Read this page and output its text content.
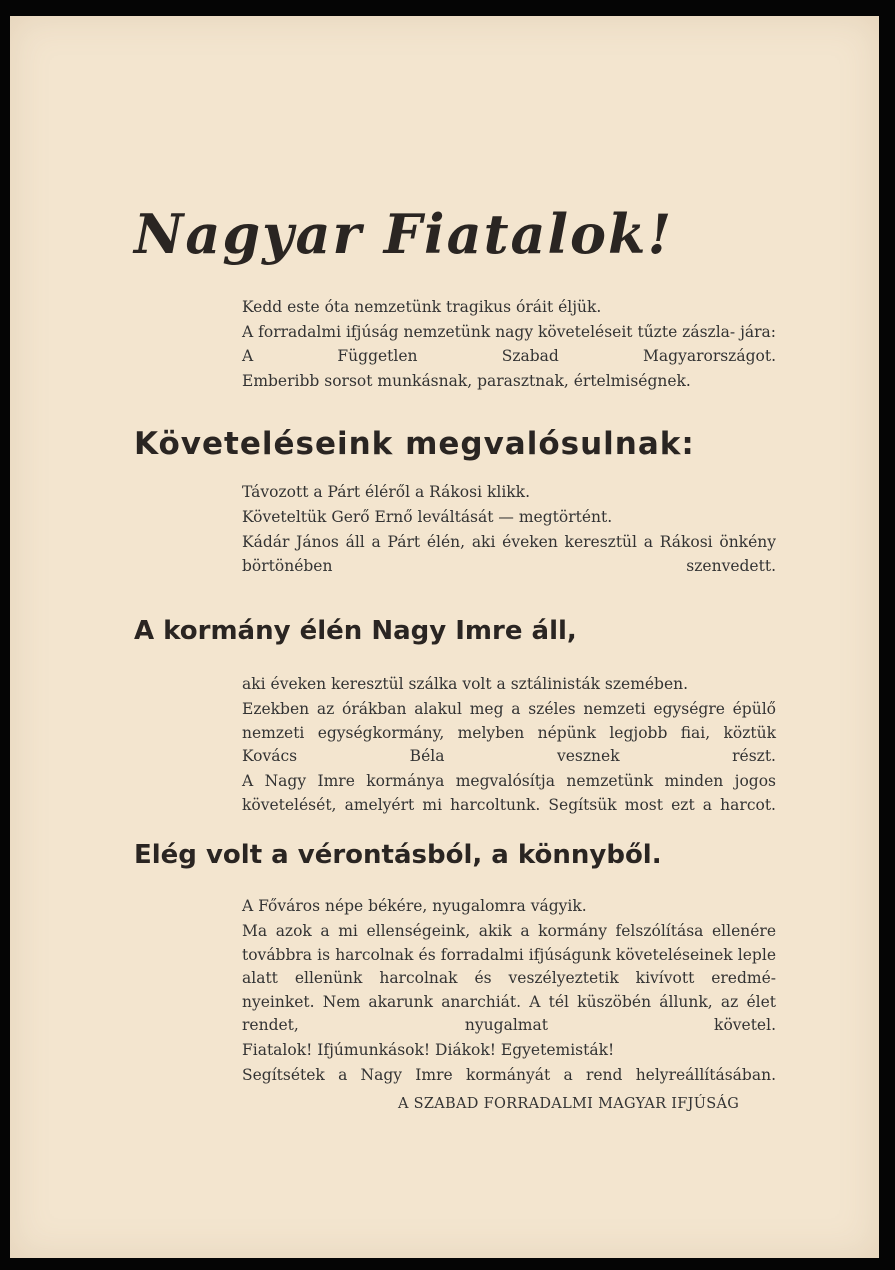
Nagyar Fiatalok!

Kedd este óta nemzetünk tragikus óráit éljük.

A forradalmi ifjúság nemzetünk nagy követeléseit tűzte zászla- jára: A Független Szabad Magyarországot.

Emberibb sorsot munkásnak, parasztnak, értelmiségnek.

Követeléseink megvalósulnak:

Távozott a Párt éléről a Rákosi klikk.

Követeltük Gerő Ernő leváltását — megtörtént.

Kádár János áll a Párt élén, aki éveken keresztül a Rákosi önkény börtönében szenvedett.

A kormány élén Nagy Imre áll,

aki éveken keresztül szálka volt a sztálinisták szemében.

Ezekben az órákban alakul meg a széles nemzeti egységre épülő nemzeti egységkormány, melyben népünk legjobb fiai, köztük Kovács Béla vesznek részt.

A Nagy Imre kormánya megvalósítja nemzetünk minden jogos követelését, amelyért mi harcoltunk. Segítsük most ezt a harcot.

Elég volt a vérontásból, a könnyből.

A Főváros népe békére, nyugalomra vágyik.

Ma azok a mi ellenségeink, akik a kormány felszólítása ellenére továbbra is harcolnak és forradalmi ifjúságunk követeléseinek leple alatt ellenünk harcolnak és veszélyeztetik kivívott eredmé- nyeinket. Nem akarunk anarchiát. A tél küszöbén állunk, az élet rendet, nyugalmat követel.

Fiatalok! Ifjúmunkások! Diákok! Egyetemisták!

Segítsétek a Nagy Imre kormányát a rend helyreállításában.

A SZABAD FORRADALMI MAGYAR IFJÚSÁG
